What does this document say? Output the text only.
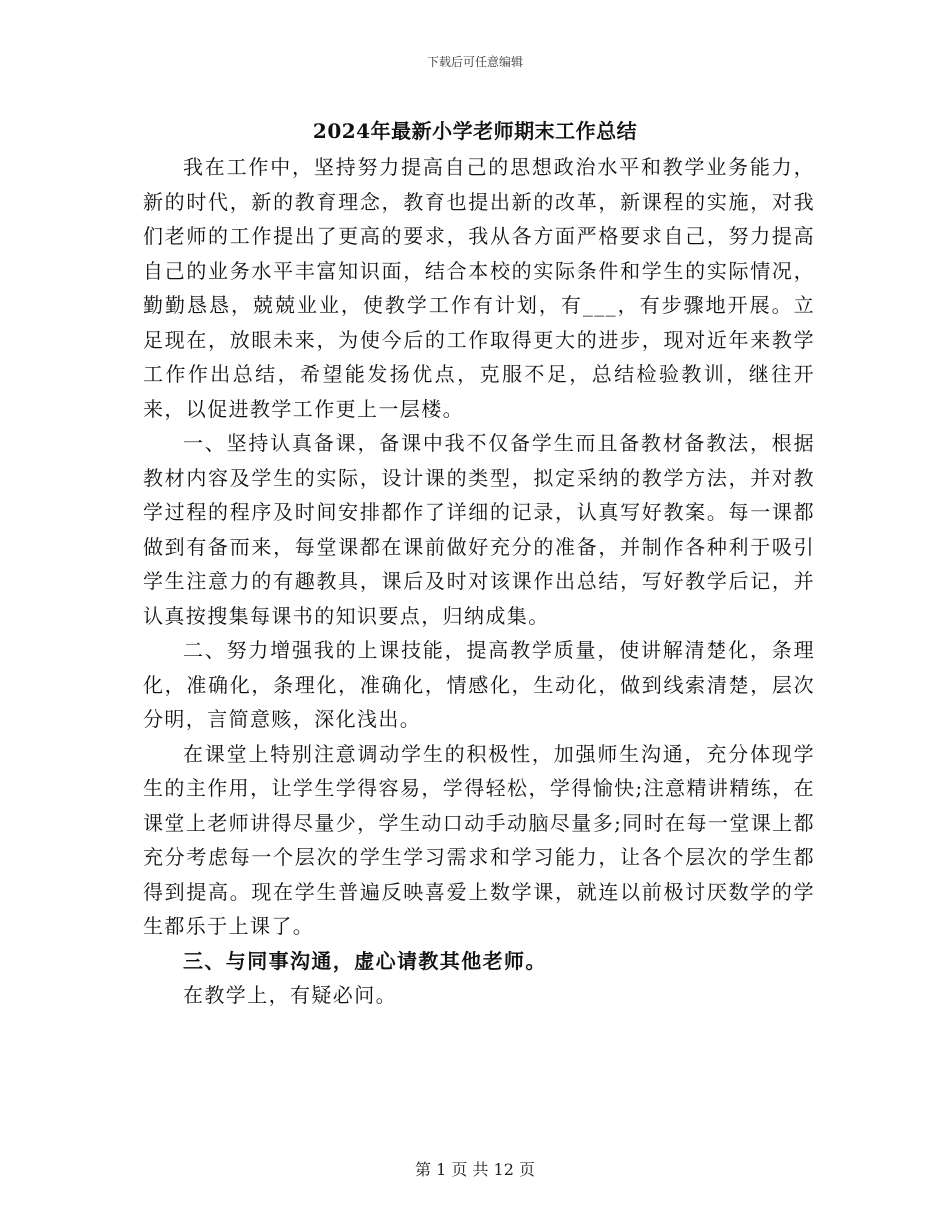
下载后可任意编辑
2024年最新小学老师期末工作总结

我在工作中，坚持努力提高自己的思想政治水平和教学业务能力，新的时代，新的教育理念，教育也提出新的改革，新课程的实施，对我们老师的工作提出了更高的要求，我从各方面严格要求自己，努力提高自己的业务水平丰富知识面，结合本校的实际条件和学生的实际情况，勤勤恳恳，兢兢业业，使教学工作有计划，有___，有步骤地开展。立足现在，放眼未来，为使今后的工作取得更大的进步，现对近年来教学工作作出总结，希望能发扬优点，克服不足，总结检验教训，继往开来，以促进教学工作更上一层楼。

一、坚持认真备课，备课中我不仅备学生而且备教材备教法，根据教材内容及学生的实际，设计课的类型，拟定采纳的教学方法，并对教学过程的程序及时间安排都作了详细的记录，认真写好教案。每一课都做到有备而来，每堂课都在课前做好充分的准备，并制作各种利于吸引学生注意力的有趣教具，课后及时对该课作出总结，写好教学后记，并认真按搜集每课书的知识要点，归纳成集。

二、努力增强我的上课技能，提高教学质量，使讲解清楚化，条理化，准确化，条理化，准确化，情感化，生动化，做到线索清楚，层次分明，言简意赅，深化浅出。

在课堂上特别注意调动学生的积极性，加强师生沟通，充分体现学生的主作用，让学生学得容易，学得轻松，学得愉快;注意精讲精练，在课堂上老师讲得尽量少，学生动口动手动脑尽量多;同时在每一堂课上都充分考虑每一个层次的学生学习需求和学习能力，让各个层次的学生都得到提高。现在学生普遍反映喜爱上数学课，就连以前极讨厌数学的学生都乐于上课了。

三、与同事沟通，虚心请教其他老师。

在教学上，有疑必问。

第 1 页 共 12 页
